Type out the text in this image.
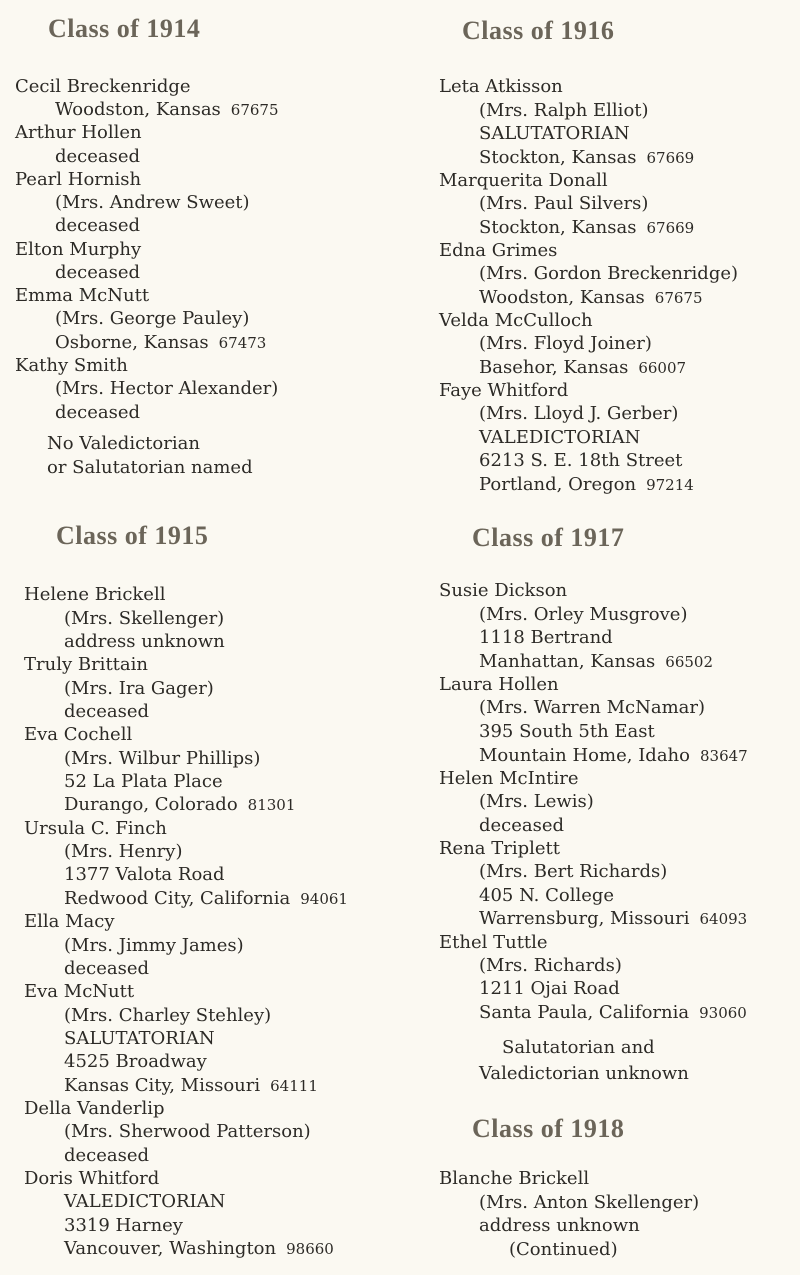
Class of 1914	Class of 1916
Class of 1915	Class of 1917
Class of 1918
Cecil Breckenridge
Woodston, Kansas 67675
Arthur Hollen
deceased
Pearl Hornish
(Mrs. Andrew Sweet)
deceased
Elton Murphy
deceased
Emma McNutt
(Mrs. George Pauley)
Osborne, Kansas 67473
Kathy Smith
(Mrs. Hector Alexander)
deceased
No Valedictorian
or Salutatorian named
Helene Brickell
(Mrs. Skellenger)
address unknown
Truly Brittain
(Mrs. Ira Gager)
deceased
Eva Cochell
(Mrs. Wilbur Phillips)
52 La Plata Place
Durango, Colorado 81301
Ursula C. Finch
(Mrs. Henry)
1377 Valota Road
Redwood City, California 94061
Ella Macy
(Mrs. Jimmy James)
deceased
Eva McNutt
(Mrs. Charley Stehley)
SALUTATORIAN
4525 Broadway
Kansas City, Missouri 64111
Della Vanderlip
(Mrs. Sherwood Patterson)
deceased
Doris Whitford
VALEDICTORIAN
3319 Harney
Vancouver, Washington 98660
Leta Atkisson
(Mrs. Ralph Elliot)
SALUTATORIAN
Stockton, Kansas 67669
Marquerita Donall
(Mrs. Paul Silvers)
Stockton, Kansas 67669
Edna Grimes
(Mrs. Gordon Breckenridge)
Woodston, Kansas 67675
Velda McCulloch
(Mrs. Floyd Joiner)
Basehor, Kansas 66007
Faye Whitford
(Mrs. Lloyd J. Gerber)
VALEDICTORIAN
6213 S. E. 18th Street
Portland, Oregon 97214
Susie Dickson
(Mrs. Orley Musgrove)
1118 Bertrand
Manhattan, Kansas 66502
Laura Hollen
(Mrs. Warren McNamar)
395 South 5th East
Mountain Home, Idaho 83647
Helen McIntire
(Mrs. Lewis)
deceased
Rena Triplett
(Mrs. Bert Richards)
405 N. College
Warrensburg, Missouri 64093
Ethel Tuttle
(Mrs. Richards)
1211 Ojai Road
Santa Paula, California 93060
Salutatorian and
Valedictorian unknown
Blanche Brickell
(Mrs. Anton Skellenger)
address unknown
(Continued)
